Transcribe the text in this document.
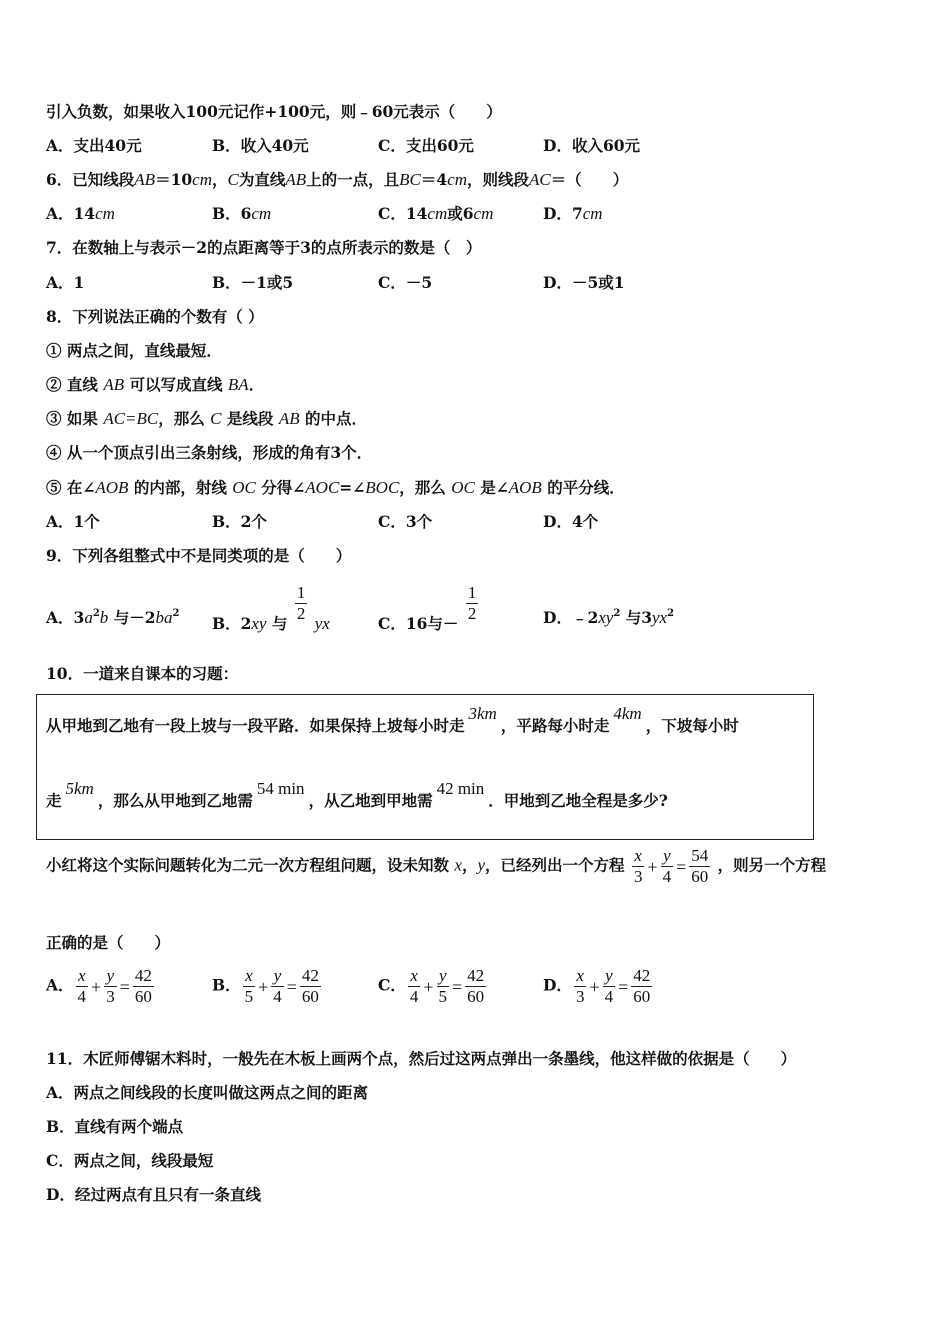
引入负数，如果收入100元记作+100元，则﹣60元表示（　　）
A．支出40元	B．收入40元	C．支出60元	D．收入60元
6．已知线段AB＝10cm，C为直线AB上的一点，且BC＝4cm，则线段AC＝（　　）
A．14cm	B．6cm	C．14cm或6cm	D．7cm
7．在数轴上与表示－2的点距离等于3的点所表示的数是（　）
A．1	B．－1或5	C．－5	D．－5或1
8．下列说法正确的个数有（ ）
① 两点之间，直线最短．
② 直线 AB 可以写成直线 BA．
③ 如果 AC=BC，那么 C 是线段 AB 的中点．
④ 从一个顶点引出三条射线，形成的角有3个．
⑤ 在∠AOB 的内部，射线 OC 分得∠AOC=∠BOC，那么 OC 是∠AOB 的平分线．
A．1个	B．2个	C．3个	D．4个
9．下列各组整式中不是同类项的是（　　）
A．$3a^2b$ 与$-2ba^2$ B．2xy 与 $\frac{1}{2}$ yx	C．16与－ $\frac{1}{2}$	D．$﹣2xy^2$ 与$3yx^2$
10．一道来自课本的习题：
从甲地到乙地有一段上坡与一段平路．如果保持上坡每小时走3km，平路每小时走4km，下坡每小时
走5km，那么从甲地到乙地需54 min，从乙地到甲地需42 min．甲地到乙地全程是多少?
小红将这个实际问题转化为二元一次方程组问题，设未知数 x，y，已经列出一个方程 $\frac{x}{3} + \frac{y}{4} = \frac{54}{60}$ ，则另一个方程
正确的是（　　）
A． $\frac{x}{4} + \frac{y}{3} = \frac{42}{60}$	B． $\frac{x}{5} + \frac{y}{4} = \frac{42}{60}$	C． $\frac{x}{4} + \frac{y}{5} = \frac{42}{60}$	D． $\frac{x}{3} + \frac{y}{4} = \frac{42}{60}$
11．木匠师傅锯木料时，一般先在木板上画两个点，然后过这两点弹出一条墨线，他这样做的依据是（　　）
A．两点之间线段的长度叫做这两点之间的距离
B．直线有两个端点
C．两点之间，线段最短
D．经过两点有且只有一条直线
